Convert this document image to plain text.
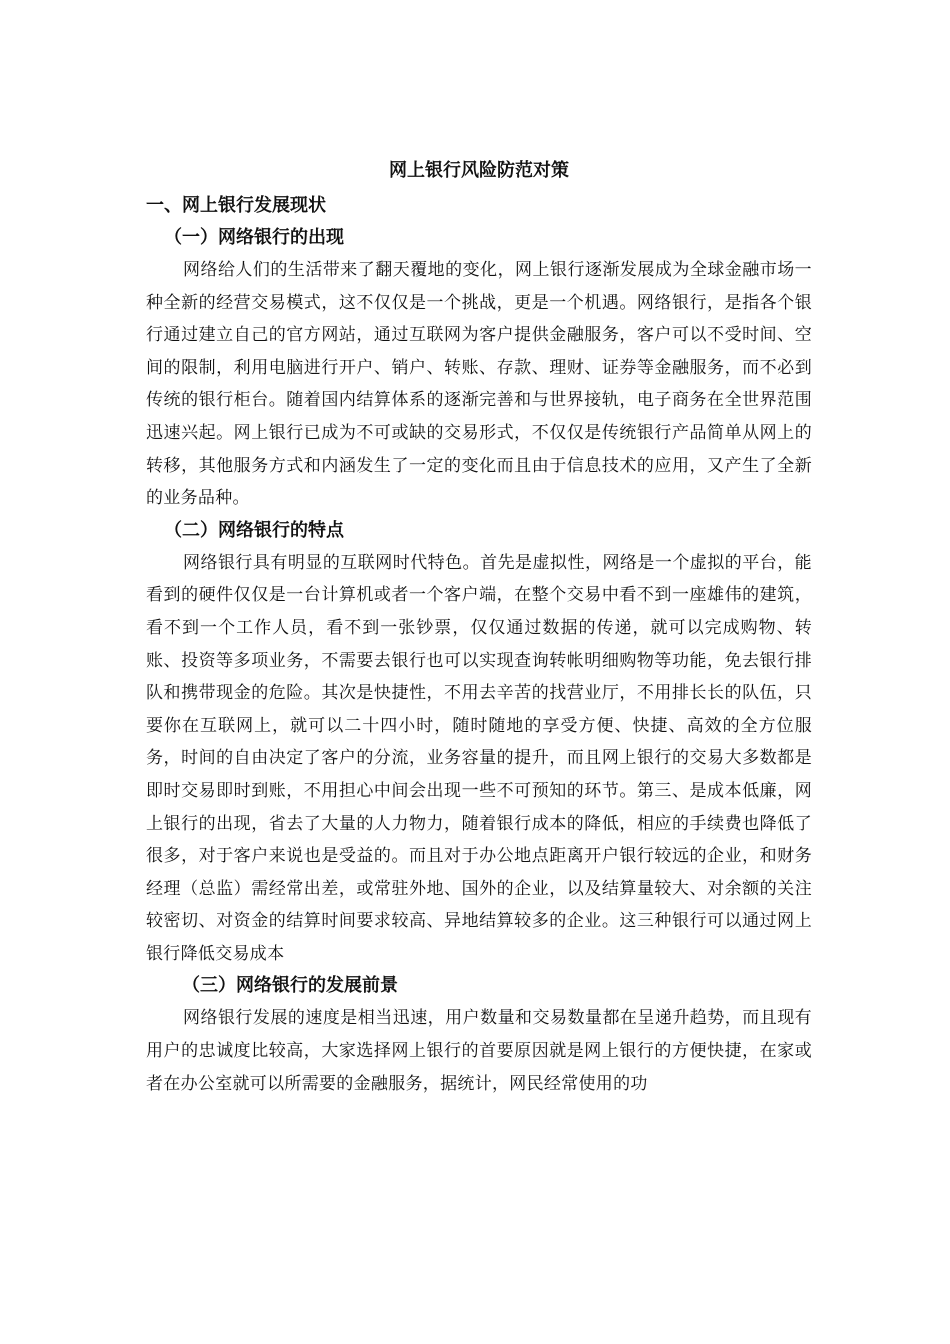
网上银行风险防范对策
一、网上银行发展现状
（一）网络银行的出现

网络给人们的生活带来了翻天覆地的变化，网上银行逐渐发展成为全球金融市场一种全新的经营交易模式，这不仅仅是一个挑战，更是一个机遇。网络银行，是指各个银行通过建立自己的官方网站，通过互联网为客户提供金融服务，客户可以不受时间、空间的限制，利用电脑进行开户、销户、转账、存款、理财、证券等金融服务，而不必到传统的银行柜台。随着国内结算体系的逐渐完善和与世界接轨，电子商务在全世界范围迅速兴起。网上银行已成为不可或缺的交易形式，不仅仅是传统银行产品简单从网上的转移，其他服务方式和内涵发生了一定的变化而且由于信息技术的应用，又产生了全新的业务品种。

（二）网络银行的特点

网络银行具有明显的互联网时代特色。首先是虚拟性，网络是一个虚拟的平台，能看到的硬件仅仅是一台计算机或者一个客户端，在整个交易中看不到一座雄伟的建筑，看不到一个工作人员，看不到一张钞票，仅仅通过数据的传递，就可以完成购物、转账、投资等多项业务，不需要去银行也可以实现查询转帐明细购物等功能，免去银行排队和携带现金的危险。其次是快捷性，不用去辛苦的找营业厅，不用排长长的队伍，只要你在互联网上，就可以二十四小时，随时随地的享受方便、快捷、高效的全方位服务，时间的自由决定了客户的分流，业务容量的提升，而且网上银行的交易大多数都是即时交易即时到账，不用担心中间会出现一些不可预知的环节。第三、是成本低廉，网上银行的出现，省去了大量的人力物力，随着银行成本的降低，相应的手续费也降低了很多，对于客户来说也是受益的。而且对于办公地点距离开户银行较远的企业，和财务经理（总监）需经常出差，或常驻外地、国外的企业，以及结算量较大、对余额的关注较密切、对资金的结算时间要求较高、异地结算较多的企业。这三种银行可以通过网上银行降低交易成本

（三）网络银行的发展前景

网络银行发展的速度是相当迅速，用户数量和交易数量都在呈递升趋势，而且现有用户的忠诚度比较高，大家选择网上银行的首要原因就是网上银行的方便快捷，在家或者在办公室就可以所需要的金融服务，据统计，网民经常使用的功
